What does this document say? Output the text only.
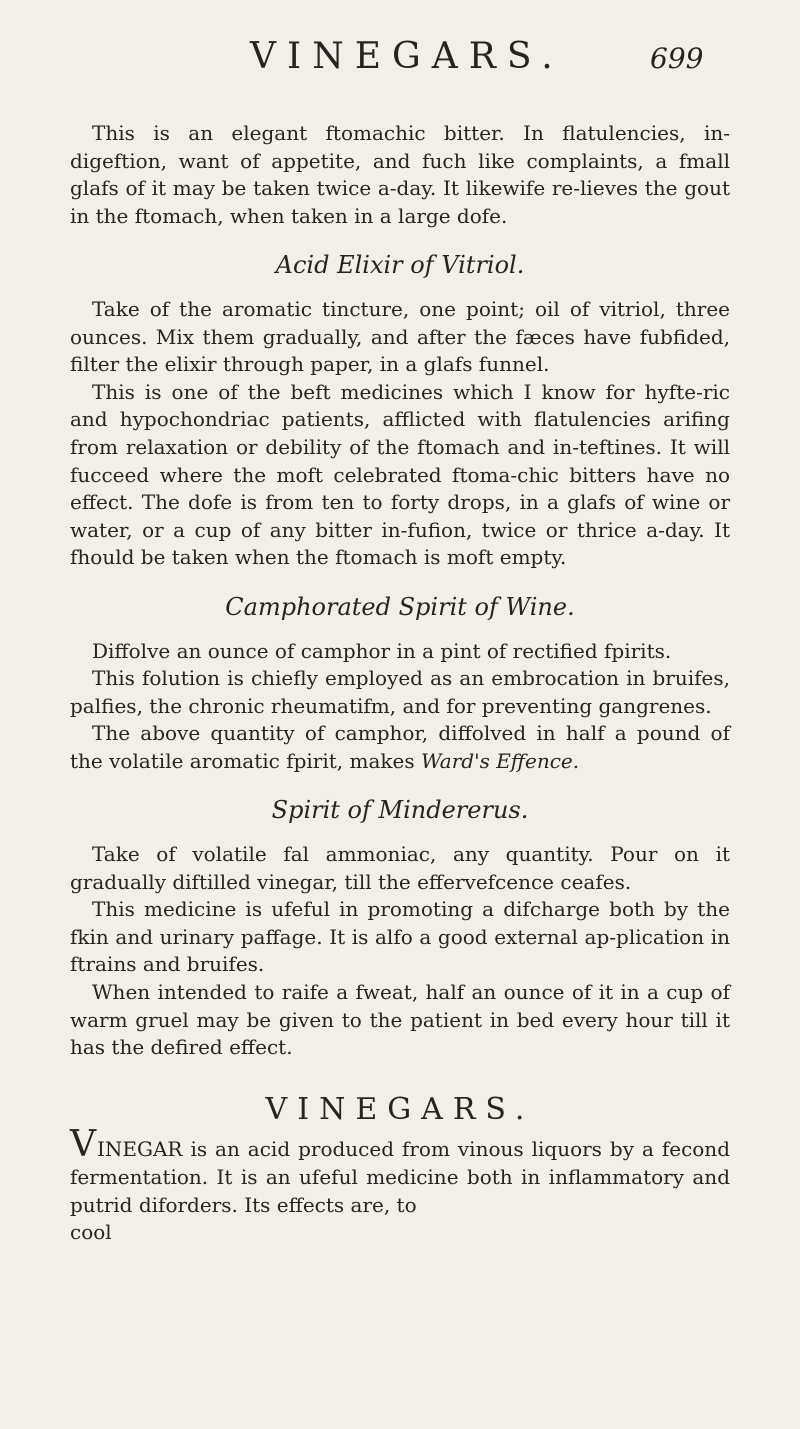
VINEGARS.	699

This is an elegant ftomachic bitter. In flatulencies, in-digeftion, want of appetite, and fuch like complaints, a fmall glafs of it may be taken twice a-day. It likewife re-lieves the gout in the ftomach, when taken in a large dofe.

Acid Elixir of Vitriol.

Take of the aromatic tincture, one point; oil of vitriol, three ounces. Mix them gradually, and after the fæces have fubfided, filter the elixir through paper, in a glafs funnel.

This is one of the beft medicines which I know for hyfte-ric and hypochondriac patients, afflicted with flatulencies arifing from relaxation or debility of the ftomach and in-teftines. It will fucceed where the moft celebrated ftoma-chic bitters have no effect. The dofe is from ten to forty drops, in a glafs of wine or water, or a cup of any bitter in-fufion, twice or thrice a-day. It fhould be taken when the ftomach is moft empty.

Camphorated Spirit of Wine.

Diffolve an ounce of camphor in a pint of rectified fpirits.

This folution is chiefly employed as an embrocation in bruifes, palfies, the chronic rheumatifm, and for preventing gangrenes.

The above quantity of camphor, diffolved in half a pound of the volatile aromatic fpirit, makes Ward's Effence.

Spirit of Mindererus.

Take of volatile fal ammoniac, any quantity. Pour on it gradually diftilled vinegar, till the effervefcence ceafes.

This medicine is ufeful in promoting a difcharge both by the fkin and urinary paffage. It is alfo a good external ap-plication in ftrains and bruifes.

When intended to raife a fweat, half an ounce of it in a cup of warm gruel may be given to the patient in bed every hour till it has the defired effect.

VINEGARS.

VINEGAR is an acid produced from vinous liquors by a fecond fermentation. It is an ufeful medicine both in inflammatory and putrid diforders. Its effects are, to

cool
